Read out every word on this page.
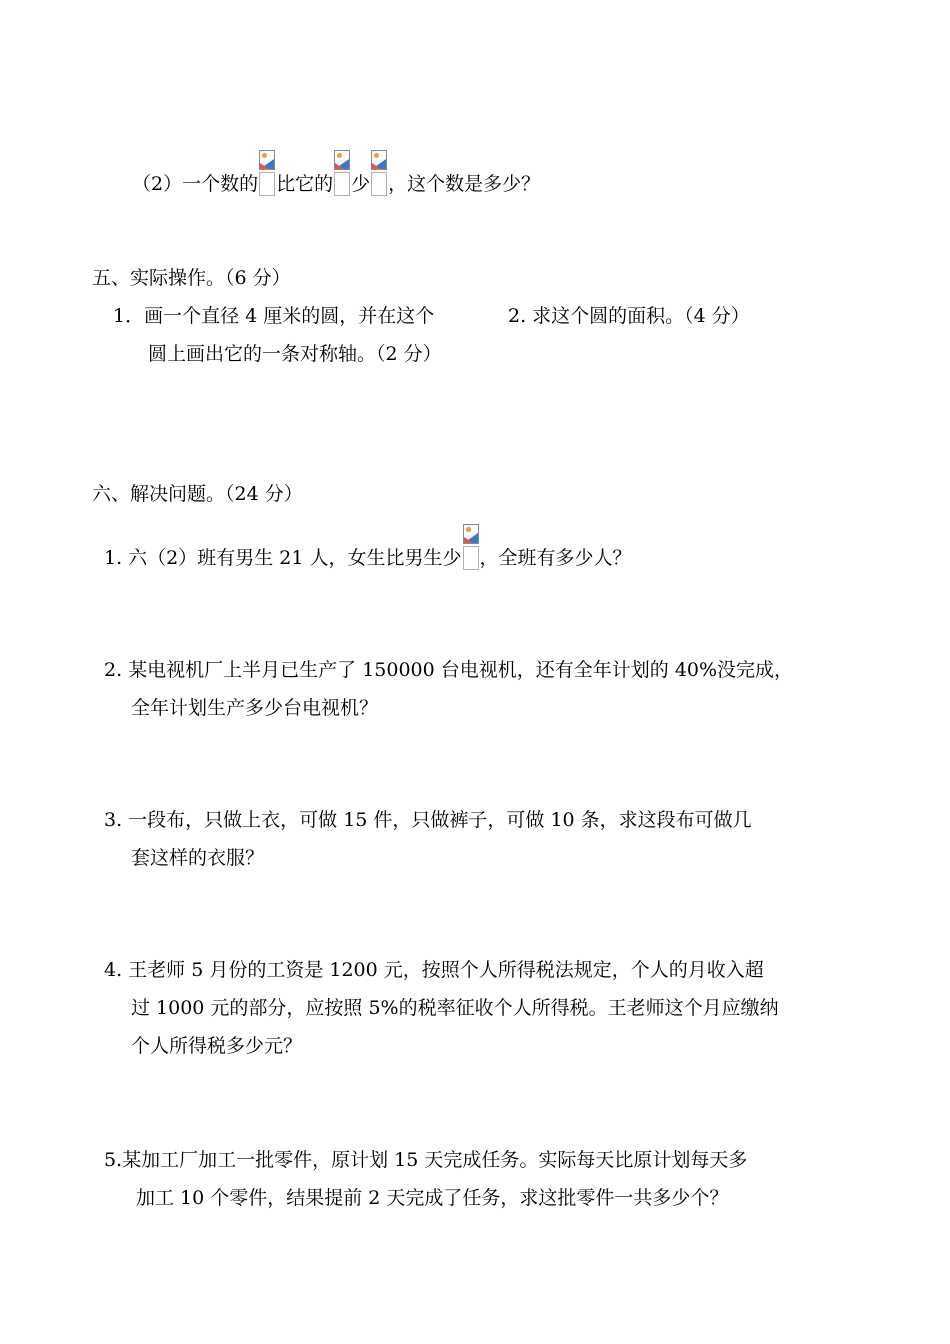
（2）一个数的 比它的 少 ，这个数是多少？
五、实际操作。（6 分）
1．画一个直径 4 厘米的圆，并在这个	2. 求这个圆的面积。（4 分）
圆上画出它的一条对称轴。（2 分）
六、解决问题。（24 分）
1. 六（2）班有男生 21 人，女生比男生少 ，全班有多少人？
2. 某电视机厂上半月已生产了 150000 台电视机，还有全年计划的 40%没完成，
全年计划生产多少台电视机？
3. 一段布，只做上衣，可做 15 件，只做裤子，可做 10 条，求这段布可做几
套这样的衣服？
4. 王老师 5 月份的工资是 1200 元，按照个人所得税法规定，个人的月收入超
过 1000 元的部分，应按照 5%的税率征收个人所得税。王老师这个月应缴纳
个人所得税多少元？
5.某加工厂加工一批零件，原计划 15 天完成任务。实际每天比原计划每天多
加工 10 个零件，结果提前 2 天完成了任务，求这批零件一共多少个？
